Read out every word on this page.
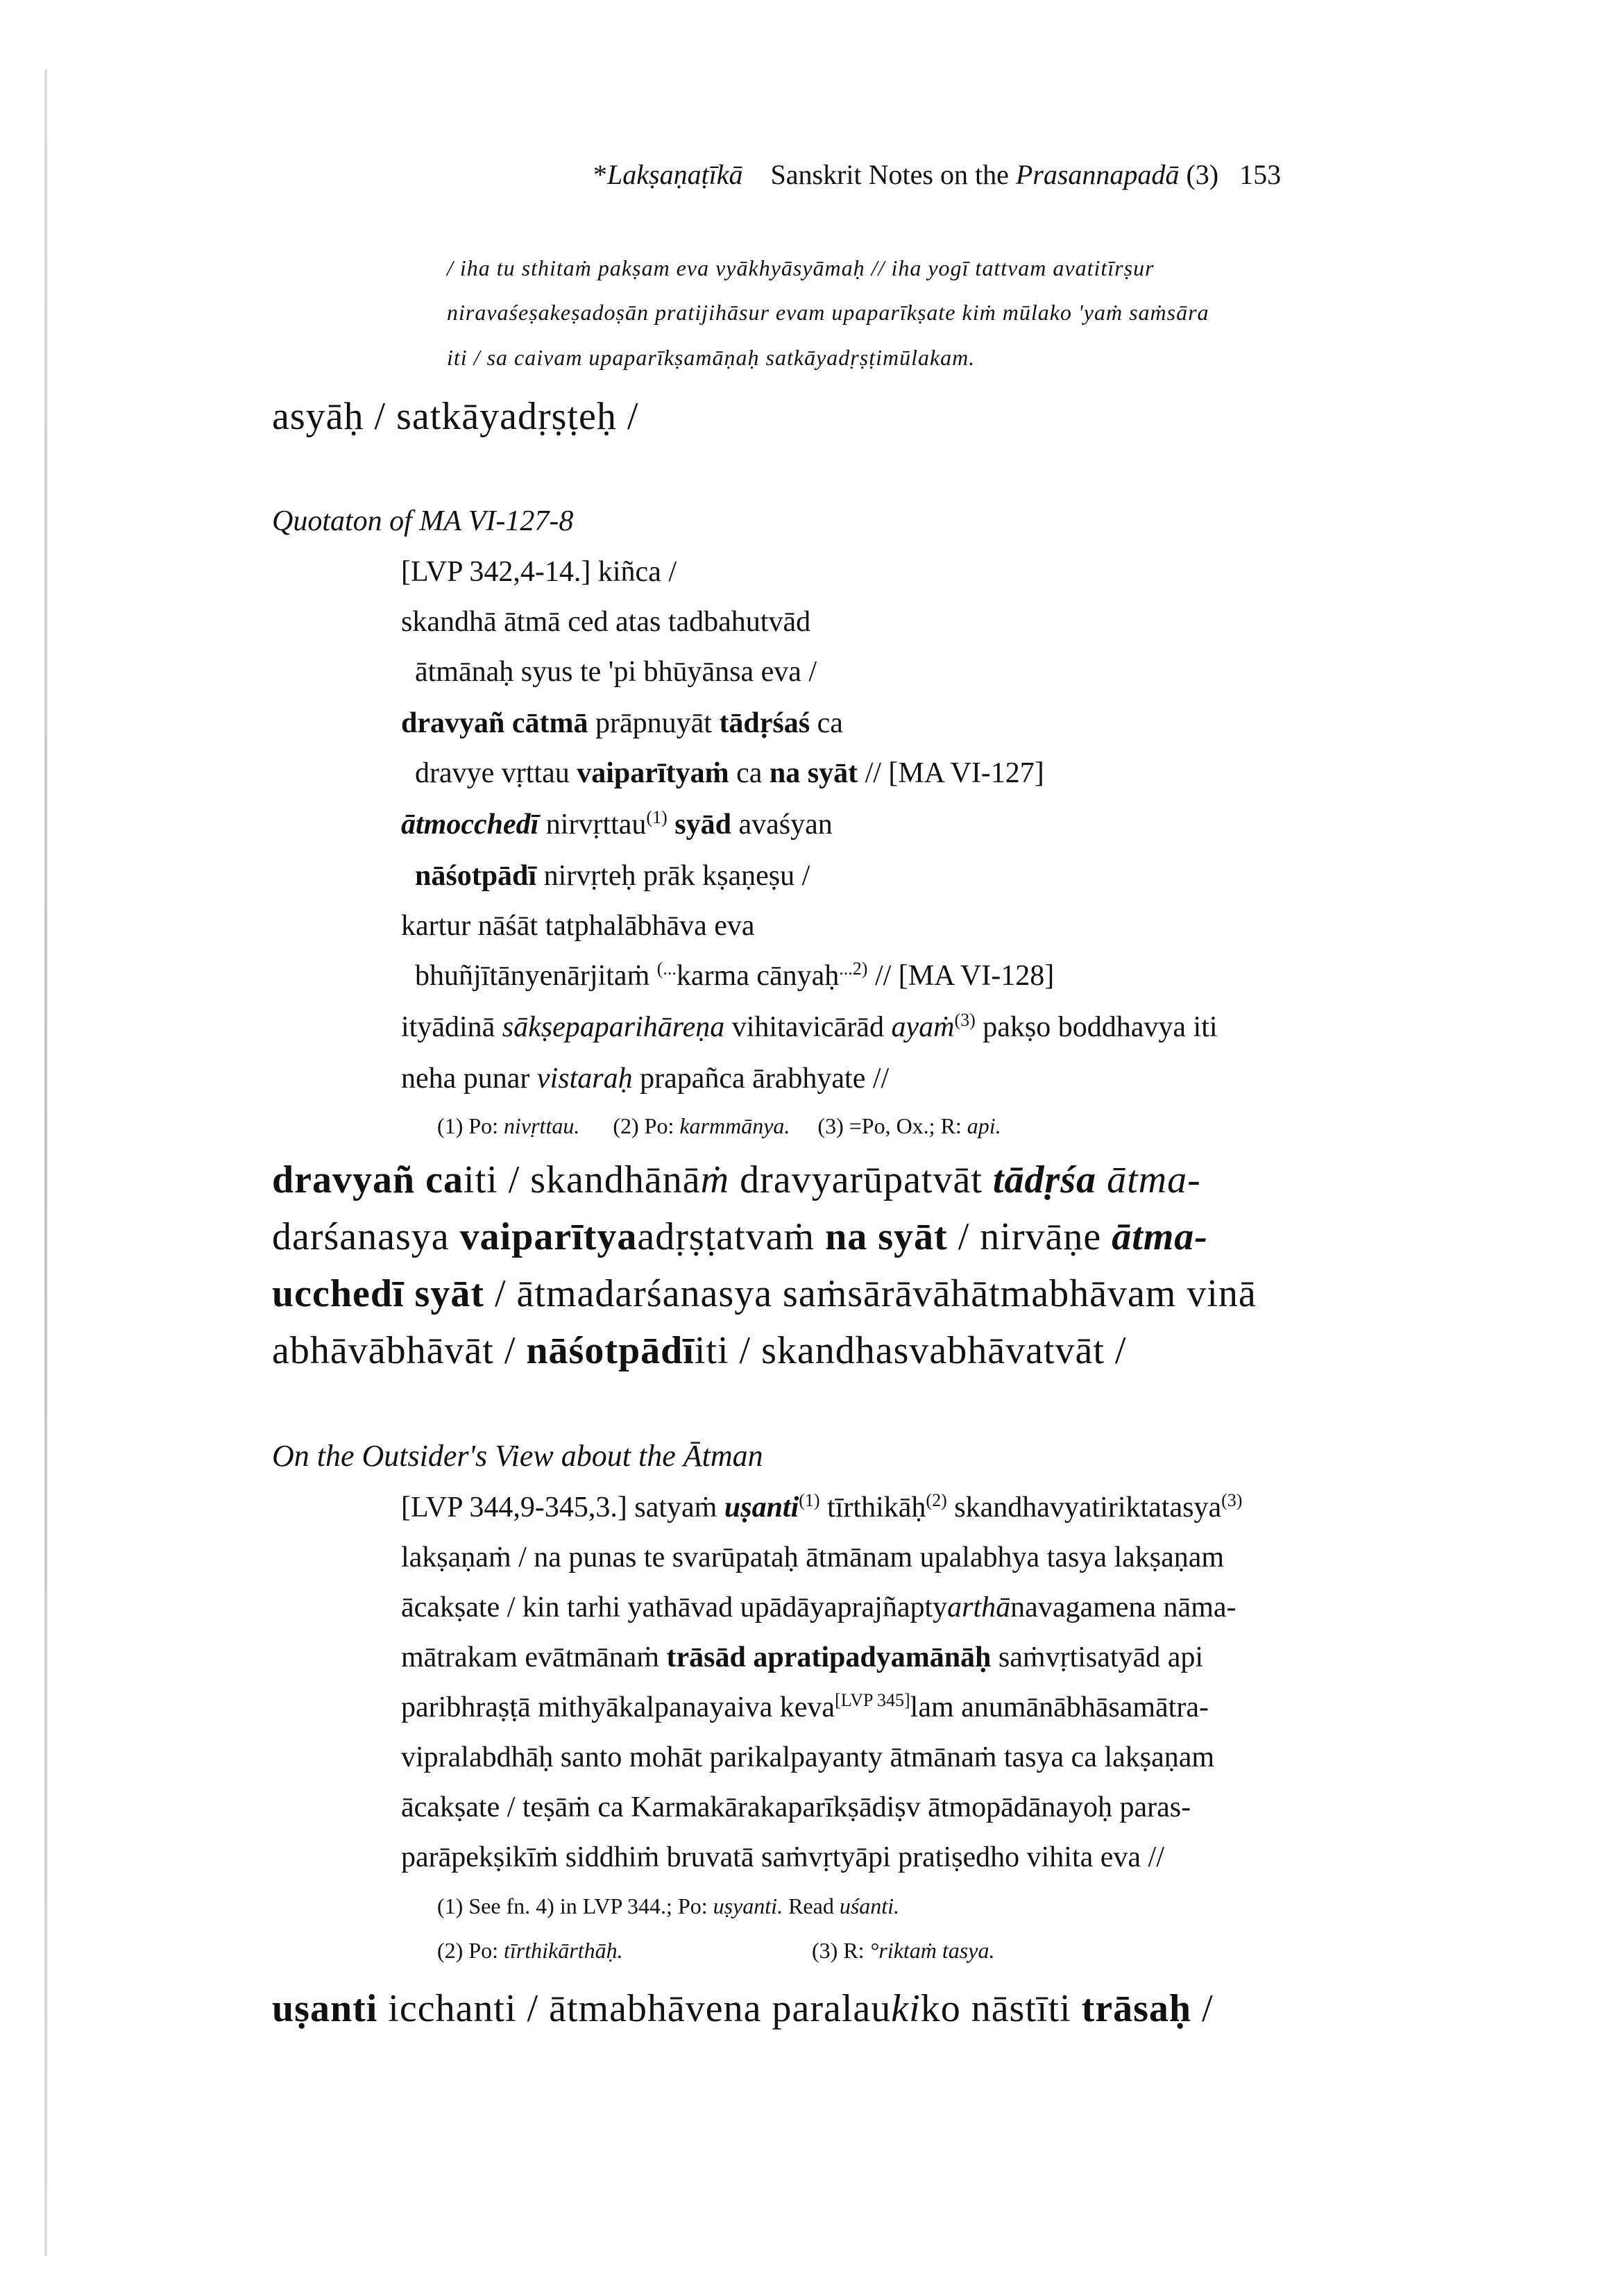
*Lakṣaṇaṭīkā Sanskrit Notes on the Prasannapadā (3) 153
/ iha tu sthitaṁ pakṣam eva vyākhyāsyāmaḥ // iha yogī tattvam avatitīrṣur
niravaśeṣakeṣadoṣān pratijihāsur evam upaparīkṣate kiṁ mūlako 'yaṁ saṁsāra
iti / sa caivam upaparīkṣamāṇaḥ satkāyadṛṣṭimūlakam.
asyāḥ / satkāyadṛṣṭeḥ /
Quotaton of MA VI-127-8
[LVP 342,4-14.] kiñca /
skandhā ātmā ced atas tadbahutvād
ātmānaḥ syus te 'pi bhūyānsa eva /
dravyañ cātmā prāpnuyāt tādṛśaś ca
dravye vṛttau vaiparītyaṁ ca na syāt // [MA VI-127]
ātmocchedī nirvṛttau$^{(1)}$ syād avaśyan
nāśotpādī nirvṛteḥ prāk kṣaṇeṣu /
kartur nāśāt tatphalābhāva eva
bhuñjītānyenārjitaṁ (...karma cānyaḥ$^{...2)}$ // [MA VI-128]
ityādinā sākṣepaparihāreṇa vihitavicārād ayaṁ$^{(3)}$ pakṣo boddhavya iti
neha punar vistaraḥ prapañca ārabhyate //
(1) Po: nivṛttau. (2) Po: karmmānya. (3) =Po, Ox.; R: api.
dravyañ caiti / skandhānāṁ dravyarūpatvāt tādṛśa ātma-
darśanasya vaiparītyaadṛṣṭatvaṁ na syāt / nirvāṇe ātma-
ucchedī syāt / ātmadarśanasya saṁsārāvāhātmabhāvam vinā
abhāvābhāvāt / nāśotpādīiti / skandhasvabhāvatvāt /
On the Outsider's View about the Ātman
[LVP 344,9-345,3.] satyaṁ uṣanti$^{(1)}$ tīrthikāḥ$^{(2)}$ skandhavyatiriktatasya$^{(3)}$
lakṣaṇaṁ / na punas te svarūpataḥ ātmānam upalabhya tasya lakṣaṇam
ācakṣate / kin tarhi yathāvad upādāyaprajñaptyarthānavagamena nāma-
mātrakam evātmānaṁ trāsād apratipadyamānāḥ saṁvṛtisatyād api
paribhraṣṭā mithyākalpanayaiva keva[LVP 345]lam anumānābhāsamātra-
vipralabdhāḥ santo mohāt parikalpayanty ātmānaṁ tasya ca lakṣaṇam
ācakṣate / teṣāṁ ca Karmakārakaparīkṣādiṣv ātmopādānayoḥ paras-
parāpekṣikīṁ siddhiṁ bruvatā saṁvṛtyāpi pratiṣedho vihita eva //
(1) See fn. 4) in LVP 344.; Po: uṣyanti. Read uśanti.
(2) Po: tīrthikārthāḥ.	(3) R: °riktaṁ tasya.
uṣanti icchanti / ātmabhāvena paralaukiko nāstīti trāsaḥ /
